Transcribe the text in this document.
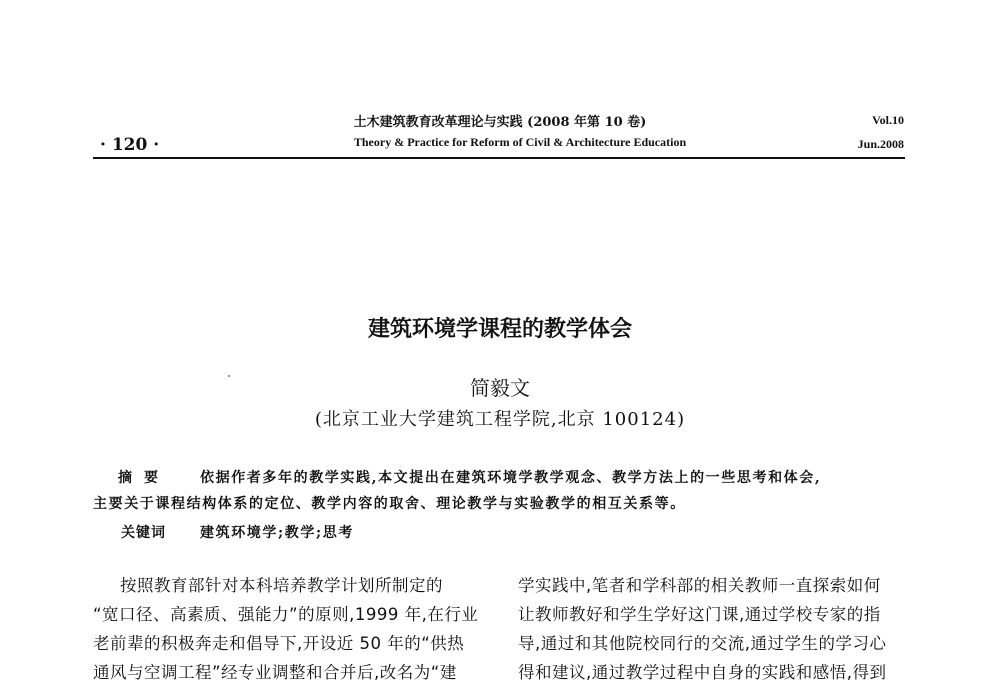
· 120 ·
土木建筑教育改革理论与实践 (2008 年第 10 卷)
Theory & Practice for Reform of Civil & Architecture Education
Vol.10
Jun.2008
建筑环境学课程的教学体会
简毅文
(北京工业大学建筑工程学院,北京 100124)
摘要 依据作者多年的教学实践,本文提出在建筑环境学教学观念、教学方法上的一些思考和体会,
主要关于课程结构体系的定位、教学内容的取舍、理论教学与实验教学的相互关系等。
关键词 建筑环境学;教学;思考
按照教育部针对本科培养教学计划所制定的
“宽口径、高素质、强能力”的原则,1999 年,在行业
老前辈的积极奔走和倡导下,开设近 50 年的“供热
通风与空调工程”经专业调整和合并后,改名为“建
学实践中,笔者和学科部的相关教师一直探索如何
让教师教好和学生学好这门课,通过学校专家的指
导,通过和其他院校同行的交流,通过学生的学习心
得和建议,通过教学过程中自身的实践和感悟,得到
